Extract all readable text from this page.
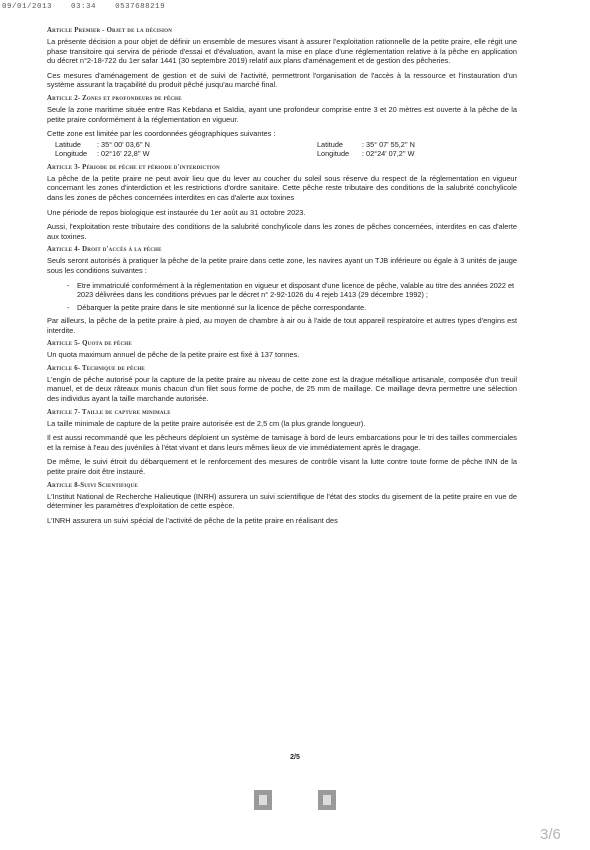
09/01/2013	03:34	0537688219
Article Premier - Objet de la décision

La présente décision a pour objet de définir un ensemble de mesures visant à assurer l'exploitation rationnelle de la petite praire, elle régit une phase transitoire qui servira de période d'essai et d'évaluation, avant la mise en place d'une réglementation relative à la pêche en application du décret n°2-18-722 du 1er safar 1441 (30 septembre 2019) relatif aux plans d'aménagement et de gestion des pêcheries.

Ces mesures d'aménagement de gestion et de suivi de l'activité, permettront l'organisation de l'accès à la ressource et l'instauration d'un système assurant la traçabilité du produit pêché jusqu'au marché final.

Article 2- Zones et profondeurs de pêche

Seule la zone maritime située entre Ras Kebdana et Saïdia, ayant une profondeur comprise entre 3 et 20 mètres est ouverte à la pêche de la petite praire conformément à la réglementation en vigueur.

Cette zone est limitée par les coordonnées géographiques suivantes :

Latitude	: 35° 00' 03,6'' N	Latitude	: 35° 07' 55,2'' N
Longitude	: 02°16' 22,8'' W	Longitude	: 02°24' 07,2'' W
Article 3- Période de pêche et période d'interdiction

La pêche de la petite praire ne peut avoir lieu que du lever au coucher du soleil sous réserve du respect de la réglementation en vigueur concernant les zones d'interdiction et les restrictions d'ordre sanitaire. Cette pêche reste tributaire des conditions de la salubrité conchylicole dans les zones de pêches concernées interdites en cas d'alerte aux toxines

Une période de repos biologique est instaurée du 1er août au 31 octobre 2023.

Aussi, l'exploitation reste tributaire des conditions de la salubrité conchylicole dans les zones de pêches concernées, interdites en cas d'alerte aux toxines.

Article 4- Droit d'accès à la pêche

Seuls seront autorisés à pratiquer la pêche de la petite praire dans cette zone, les navires ayant un TJB inférieure ou égale à 3 unités de jauge sous les conditions suivantes :

- Etre immatriculé conformément à la réglementation en vigueur et disposant d'une licence de pêche, valable au titre des années 2022 et 2023 délivrées dans les conditions prévues par le décret n° 2-92-1026 du 4 rejeb 1413 (29 décembre 1992) ;
- Débarquer la petite praire dans le site mentionné sur la licence de pêche correspondante.

Par ailleurs, la pêche de la petite praire à pied, au moyen de chambre à air ou à l'aide de tout appareil respiratoire et autres types d'engins est interdite.

Article 5- Quota de pêche

Un quota maximum annuel de pêche de la petite praire est fixé à 137 tonnes.

Article 6- Technique de pêche

L'engin de pêche autorisé pour la capture de la petite praire au niveau de cette zone est la drague métallique artisanale, composée d'un treuil manuel, et de deux râteaux munis chacun d'un filet sous forme de poche, de 25 mm de maillage. Ce maillage devra permettre une sélection des individus ayant la taille marchande autorisée.

Article 7- Taille de capture minimale

La taille minimale de capture de la petite praire autorisée est de 2,5 cm (la plus grande longueur).

Il est aussi recommandé que les pêcheurs déploient un système de tamisage à bord de leurs embarcations pour le tri des tailles commerciales et la remise à l'eau des juvéniles à l'état vivant et dans leurs mêmes lieux de vie immédiatement après le dragage.

De même, le suivi étroit du débarquement et le renforcement des mesures de contrôle visant la lutte contre toute forme de pêche INN de la petite praire doit être instauré.

Article 8-Suivi Scientifique

L'Institut National de Recherche Halieutique (INRH) assurera un suivi scientifique de l'état des stocks du gisement de la petite praire en vue de déterminer les paramètres d'exploitation de cette espèce.

L'INRH assurera un suivi spécial de l'activité de pêche de la petite praire en réalisant des

2/5
3/6
